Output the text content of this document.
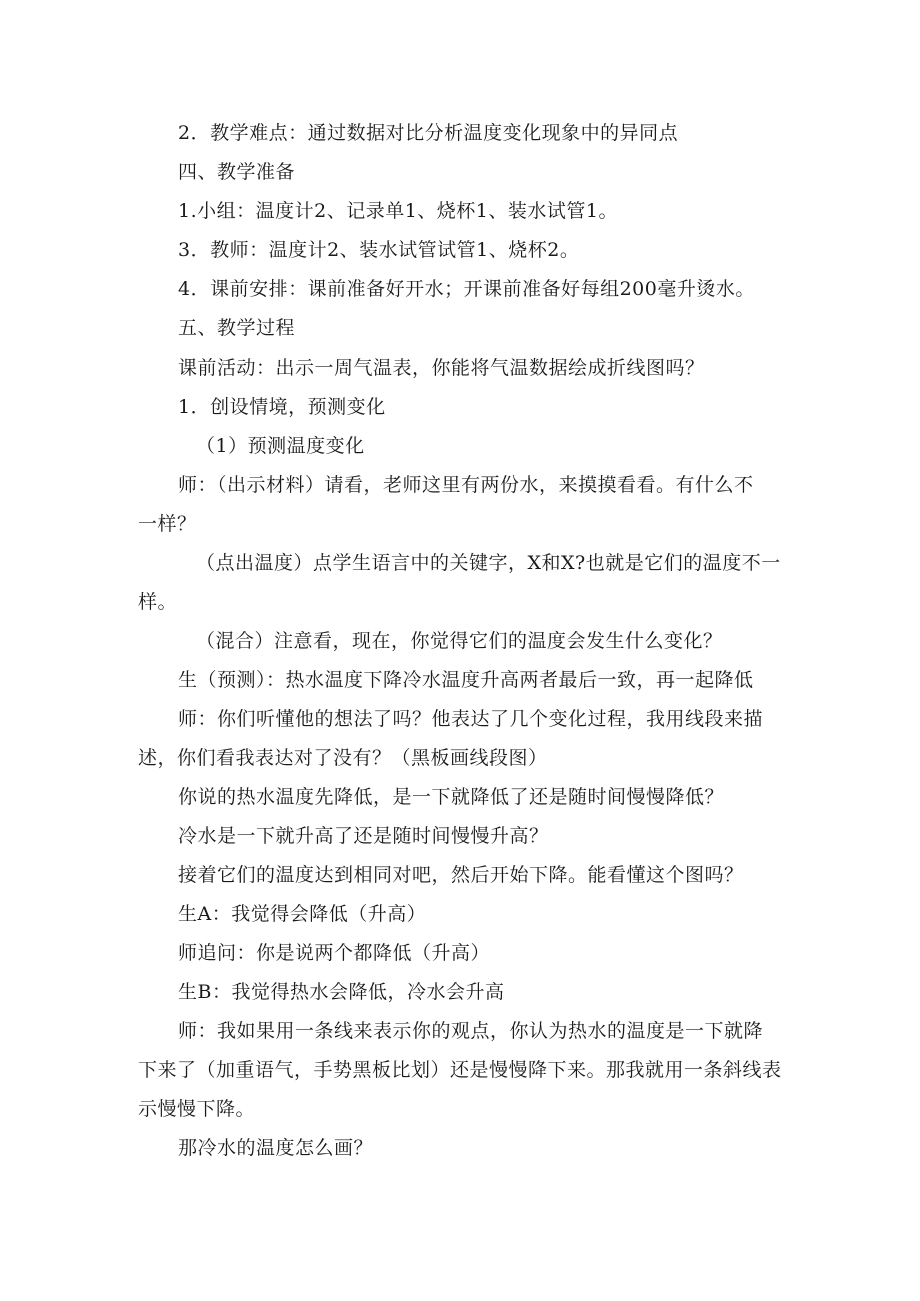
2．教学难点：通过数据对比分析温度变化现象中的异同点
四、教学准备
1.小组：温度计2、记录单1、烧杯1、装水试管1。
3．教师：温度计2、装水试管试管1、烧杯2。
4．课前安排：课前准备好开水；开课前准备好每组200毫升烫水。
五、教学过程
课前活动：出示一周气温表，你能将气温数据绘成折线图吗？
1．创设情境，预测变化
（1）预测温度变化
师：（出示材料）请看，老师这里有两份水，来摸摸看看。有什么不
一样？
（点出温度）点学生语言中的关键字，X和X?也就是它们的温度不一
样。
（混合）注意看，现在，你觉得它们的温度会发生什么变化？
生（预测）：热水温度下降冷水温度升高两者最后一致，再一起降低
师：你们听懂他的想法了吗？他表达了几个变化过程，我用线段来描
述，你们看我表达对了没有？（黑板画线段图）
你说的热水温度先降低，是一下就降低了还是随时间慢慢降低？
冷水是一下就升高了还是随时间慢慢升高？
接着它们的温度达到相同对吧，然后开始下降。能看懂这个图吗？
生A：我觉得会降低（升高）
师追问：你是说两个都降低（升高）
生B：我觉得热水会降低，冷水会升高
师：我如果用一条线来表示你的观点，你认为热水的温度是一下就降
下来了（加重语气，手势黑板比划）还是慢慢降下来。那我就用一条斜线表
示慢慢下降。
那冷水的温度怎么画？
